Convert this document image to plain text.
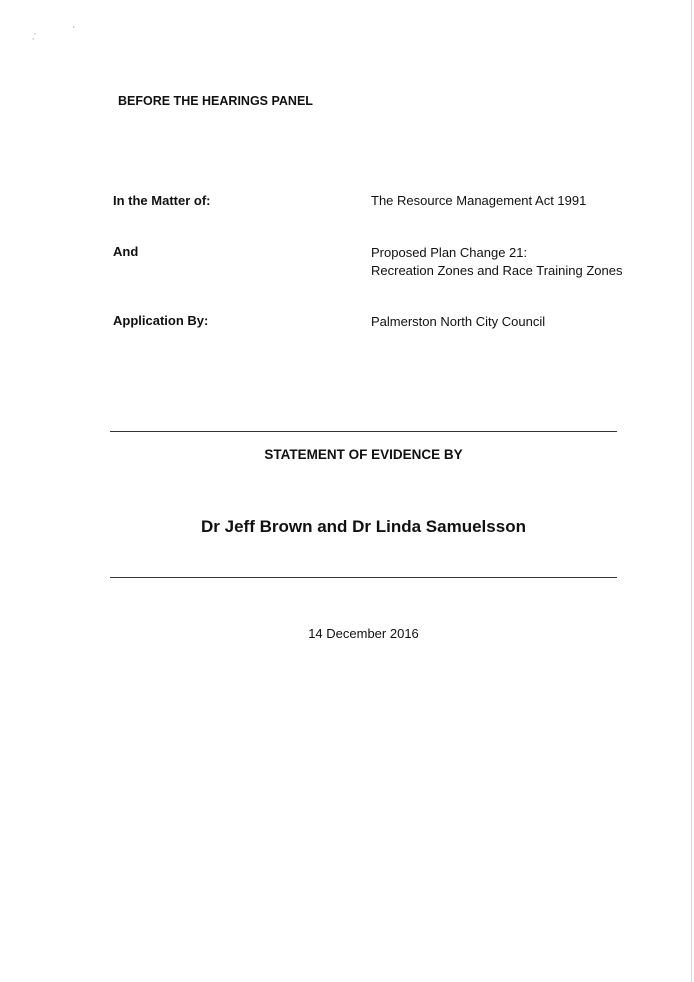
,'
'
BEFORE THE HEARINGS PANEL
In the Matter of:	The Resource Management Act 1991
And	Proposed Plan Change 21:
Recreation Zones and Race Training Zones
Application By:	Palmerston North City Council
STATEMENT OF EVIDENCE BY
Dr Jeff Brown and Dr Linda Samuelsson
14 December 2016
